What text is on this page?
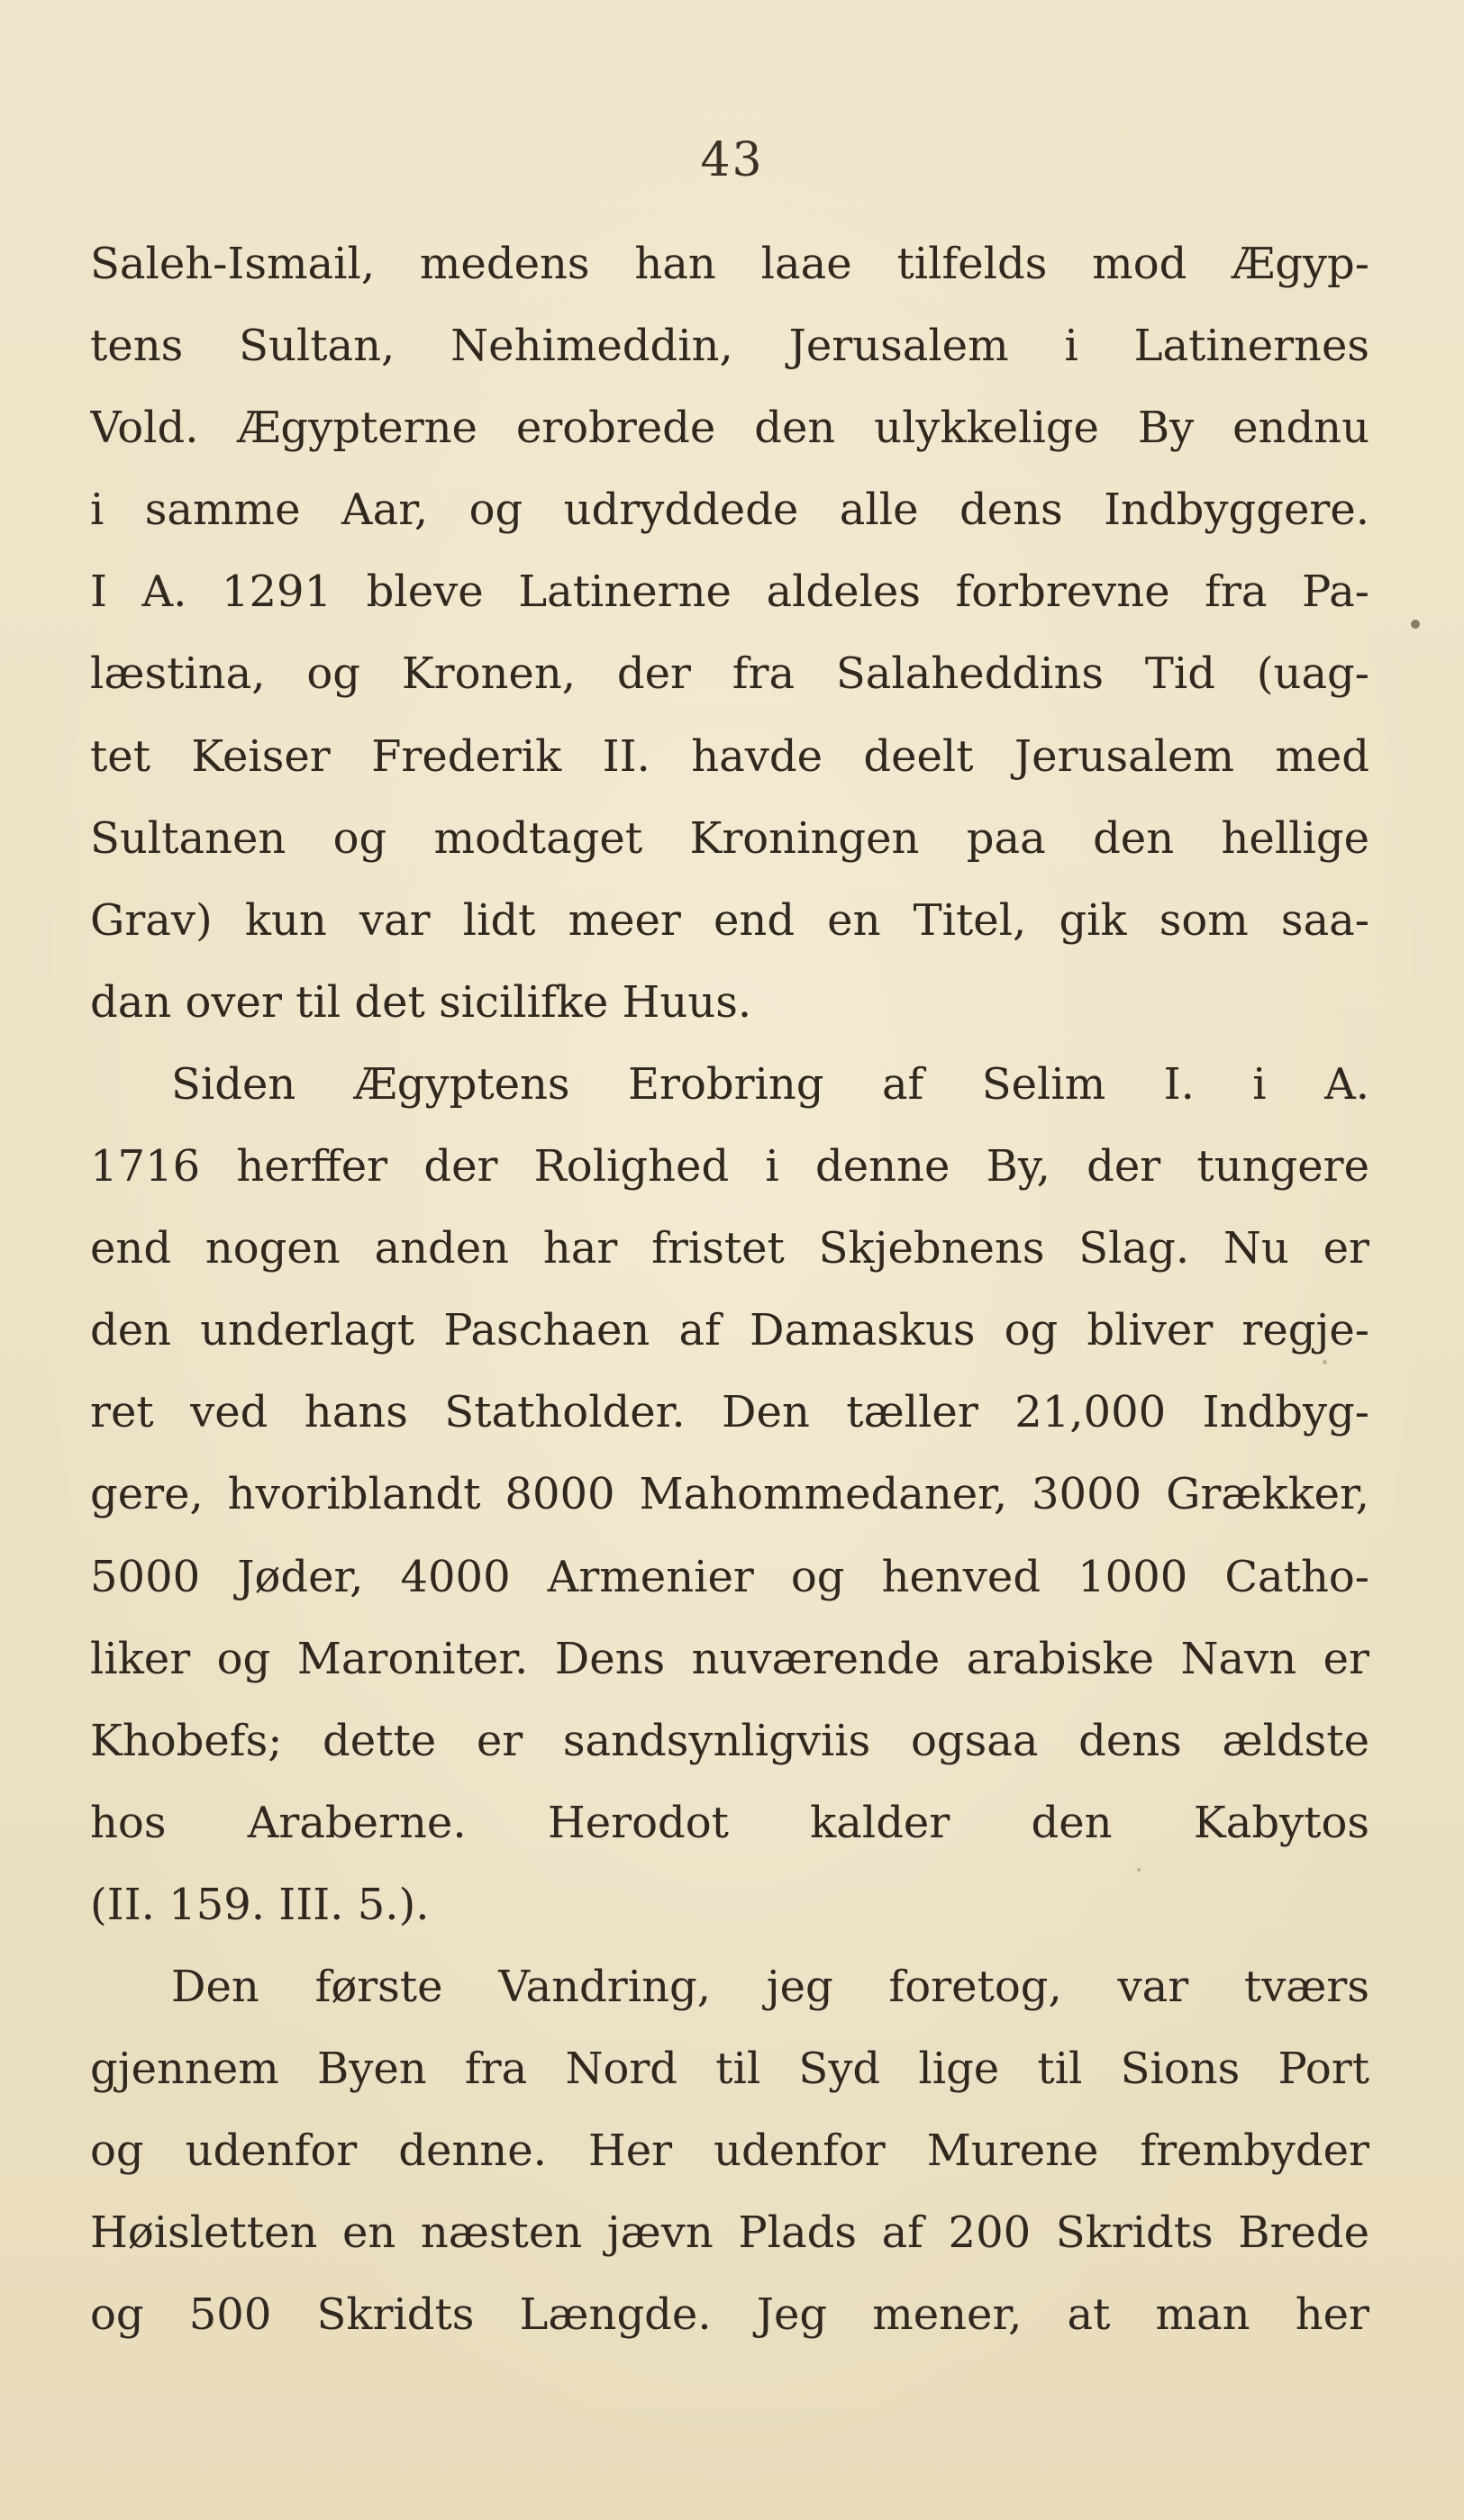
43
Saleh-Ismail, medens han laae tilfelds mod Ægyp-
tens Sultan, Nehimeddin, Jerusalem i Latinernes
Vold. Ægypterne erobrede den ulykkelige By endnu
i samme Aar, og udryddede alle dens Indbyggere.
I A. 1291 bleve Latinerne aldeles forbrevne fra Pa-
læstina, og Kronen, der fra Salaheddins Tid (uag-
tet Keiser Frederik II. havde deelt Jerusalem med
Sultanen og modtaget Kroningen paa den hellige
Grav) kun var lidt meer end en Titel, gik som saa-
dan over til det sicilifke Huus.
Siden Ægyptens Erobring af Selim I. i A.
1716 herffer der Rolighed i denne By, der tungere
end nogen anden har fristet Skjebnens Slag. Nu er
den underlagt Paschaen af Damaskus og bliver regje-
ret ved hans Statholder. Den tæller 21,000 Indbyg-
gere, hvoriblandt 8000 Mahommedaner, 3000 Grækker,
5000 Jøder, 4000 Armenier og henved 1000 Catho-
liker og Maroniter. Dens nuværende arabiske Navn er
Khobefs; dette er sandsynligviis ogsaa dens ældste
hos Araberne. Herodot kalder den Kabytos
(II. 159. III. 5.).
Den første Vandring, jeg foretog, var tværs
gjennem Byen fra Nord til Syd lige til Sions Port
og udenfor denne. Her udenfor Murene frembyder
Høisletten en næsten jævn Plads af 200 Skridts Brede
og 500 Skridts Længde. Jeg mener, at man her
